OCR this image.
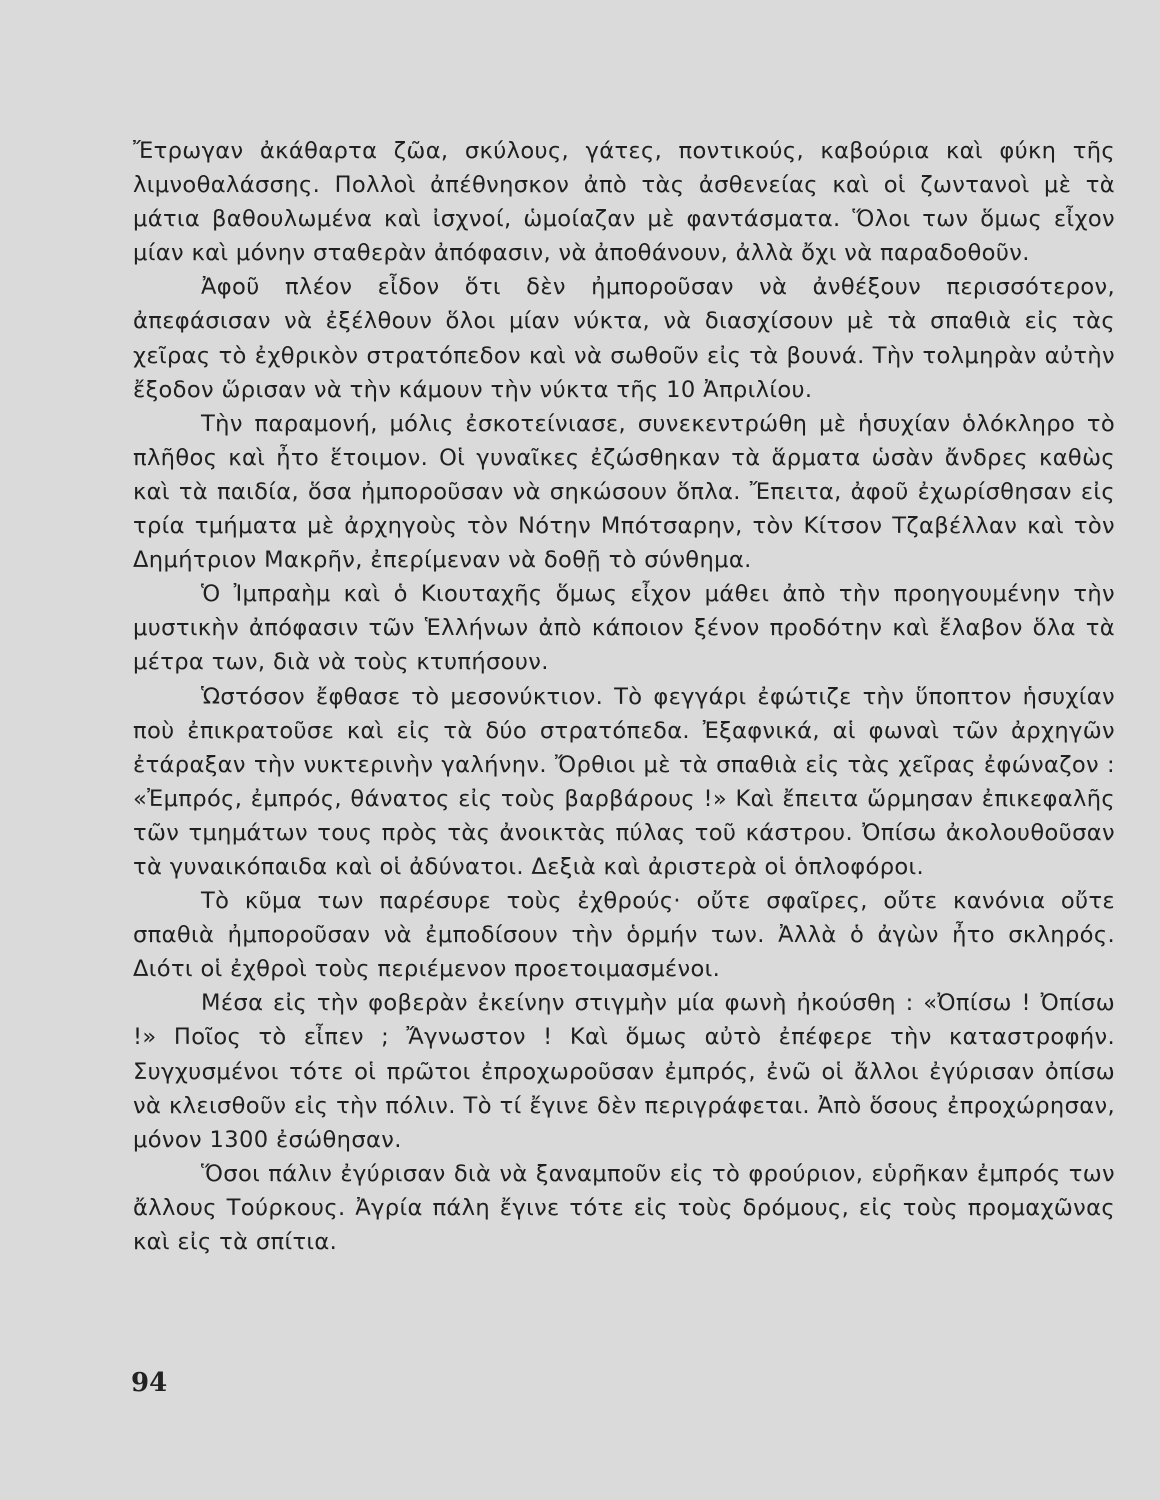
Ἔτρωγαν ἀκάθαρτα ζῶα, σκύλους, γάτες, ποντικούς, καβούρια καὶ φύκη τῆς λιμνοθαλάσσης. Πολλοὶ ἀπέθνησκον ἀπὸ τὰς ἀσθενείας καὶ οἱ ζωντανοὶ μὲ τὰ μάτια βαθουλωμένα καὶ ἰσχνοί, ὡμοίαζαν μὲ φαντάσματα. Ὅλοι των ὅμως εἶχον μίαν καὶ μόνην σταθερὰν ἀπόφασιν, νὰ ἀποθάνουν, ἀλλὰ ὄχι νὰ παραδοθοῦν.

Ἀφοῦ πλέον εἶδον ὅτι δὲν ἠμποροῦσαν νὰ ἀνθέξουν περισσότερον, ἀπεφάσισαν νὰ ἐξέλθουν ὅλοι μίαν νύκτα, νὰ διασχίσουν μὲ τὰ σπαθιὰ εἰς τὰς χεῖρας τὸ ἐχθρικὸν στρατόπεδον καὶ νὰ σωθοῦν εἰς τὰ βουνά. Τὴν τολμηρὰν αὐτὴν ἔξοδον ὥρισαν νὰ τὴν κάμουν τὴν νύκτα τῆς 10 Ἀπριλίου.

Τὴν παραμονή, μόλις ἐσκοτείνιασε, συνεκεντρώθη μὲ ἡσυχίαν ὁλόκληρο τὸ πλῆθος καὶ ἦτο ἕτοιμον. Οἱ γυναῖκες ἐζώσθηκαν τὰ ἅρματα ὡσὰν ἄνδρες καθὼς καὶ τὰ παιδία, ὅσα ἠμποροῦσαν νὰ σηκώσουν ὅπλα. Ἔπειτα, ἀφοῦ ἐχωρίσθησαν εἰς τρία τμήματα μὲ ἀρχηγοὺς τὸν Νότην Μπότσαρην, τὸν Κίτσον Τζαβέλλαν καὶ τὸν Δημήτριον Μακρῆν, ἐπερίμεναν νὰ δοθῇ τὸ σύνθημα.

Ὁ Ἰμπραὴμ καὶ ὁ Κιουταχῆς ὅμως εἶχον μάθει ἀπὸ τὴν προηγουμένην τὴν μυστικὴν ἀπόφασιν τῶν Ἑλλήνων ἀπὸ κάποιον ξένον προδότην καὶ ἔλαβον ὅλα τὰ μέτρα των, διὰ νὰ τοὺς κτυπήσουν.

Ὡστόσον ἔφθασε τὸ μεσονύκτιον. Τὸ φεγγάρι ἐφώτιζε τὴν ὕποπτον ἡσυχίαν ποὺ ἐπικρατοῦσε καὶ εἰς τὰ δύο στρατόπεδα. Ἐξαφνικά, αἱ φωναὶ τῶν ἀρχηγῶν ἐτάραξαν τὴν νυκτερινὴν γαλήνην. Ὄρθιοι μὲ τὰ σπαθιὰ εἰς τὰς χεῖρας ἐφώναζον : «Ἐμπρός, ἐμπρός, θάνατος εἰς τοὺς βαρβάρους !» Καὶ ἔπειτα ὥρμησαν ἐπικεφαλῆς τῶν τμημάτων τους πρὸς τὰς ἀνοικτὰς πύλας τοῦ κάστρου. Ὀπίσω ἀκολουθοῦσαν τὰ γυναικόπαιδα καὶ οἱ ἀδύνατοι. Δεξιὰ καὶ ἀριστερὰ οἱ ὁπλοφόροι.

Τὸ κῦμα των παρέσυρε τοὺς ἐχθρούς· οὔτε σφαῖρες, οὔτε κανόνια οὔτε σπαθιὰ ἠμποροῦσαν νὰ ἐμποδίσουν τὴν ὁρμήν των. Ἀλλὰ ὁ ἀγὼν ἦτο σκληρός. Διότι οἱ ἐχθροὶ τοὺς περιέμενον προετοιμασμένοι.

Μέσα εἰς τὴν φοβερὰν ἐκείνην στιγμὴν μία φωνὴ ἠκούσθη : «Ὀπίσω ! Ὀπίσω !» Ποῖος τὸ εἶπεν ; Ἄγνωστον ! Καὶ ὅμως αὐτὸ ἐπέφερε τὴν καταστροφήν. Συγχυσμένοι τότε οἱ πρῶτοι ἐπροχωροῦσαν ἐμπρός, ἐνῶ οἱ ἄλλοι ἐγύρισαν ὀπίσω νὰ κλεισθοῦν εἰς τὴν πόλιν. Τὸ τί ἔγινε δὲν περιγράφεται. Ἀπὸ ὅσους ἐπροχώρησαν, μόνον 1300 ἐσώθησαν.

Ὅσοι πάλιν ἐγύρισαν διὰ νὰ ξαναμποῦν εἰς τὸ φρούριον, εὑρῆκαν ἐμπρός των ἄλλους Τούρκους. Ἀγρία πάλη ἔγινε τότε εἰς τοὺς δρόμους, εἰς τοὺς προμαχῶνας καὶ εἰς τὰ σπίτια.

94
